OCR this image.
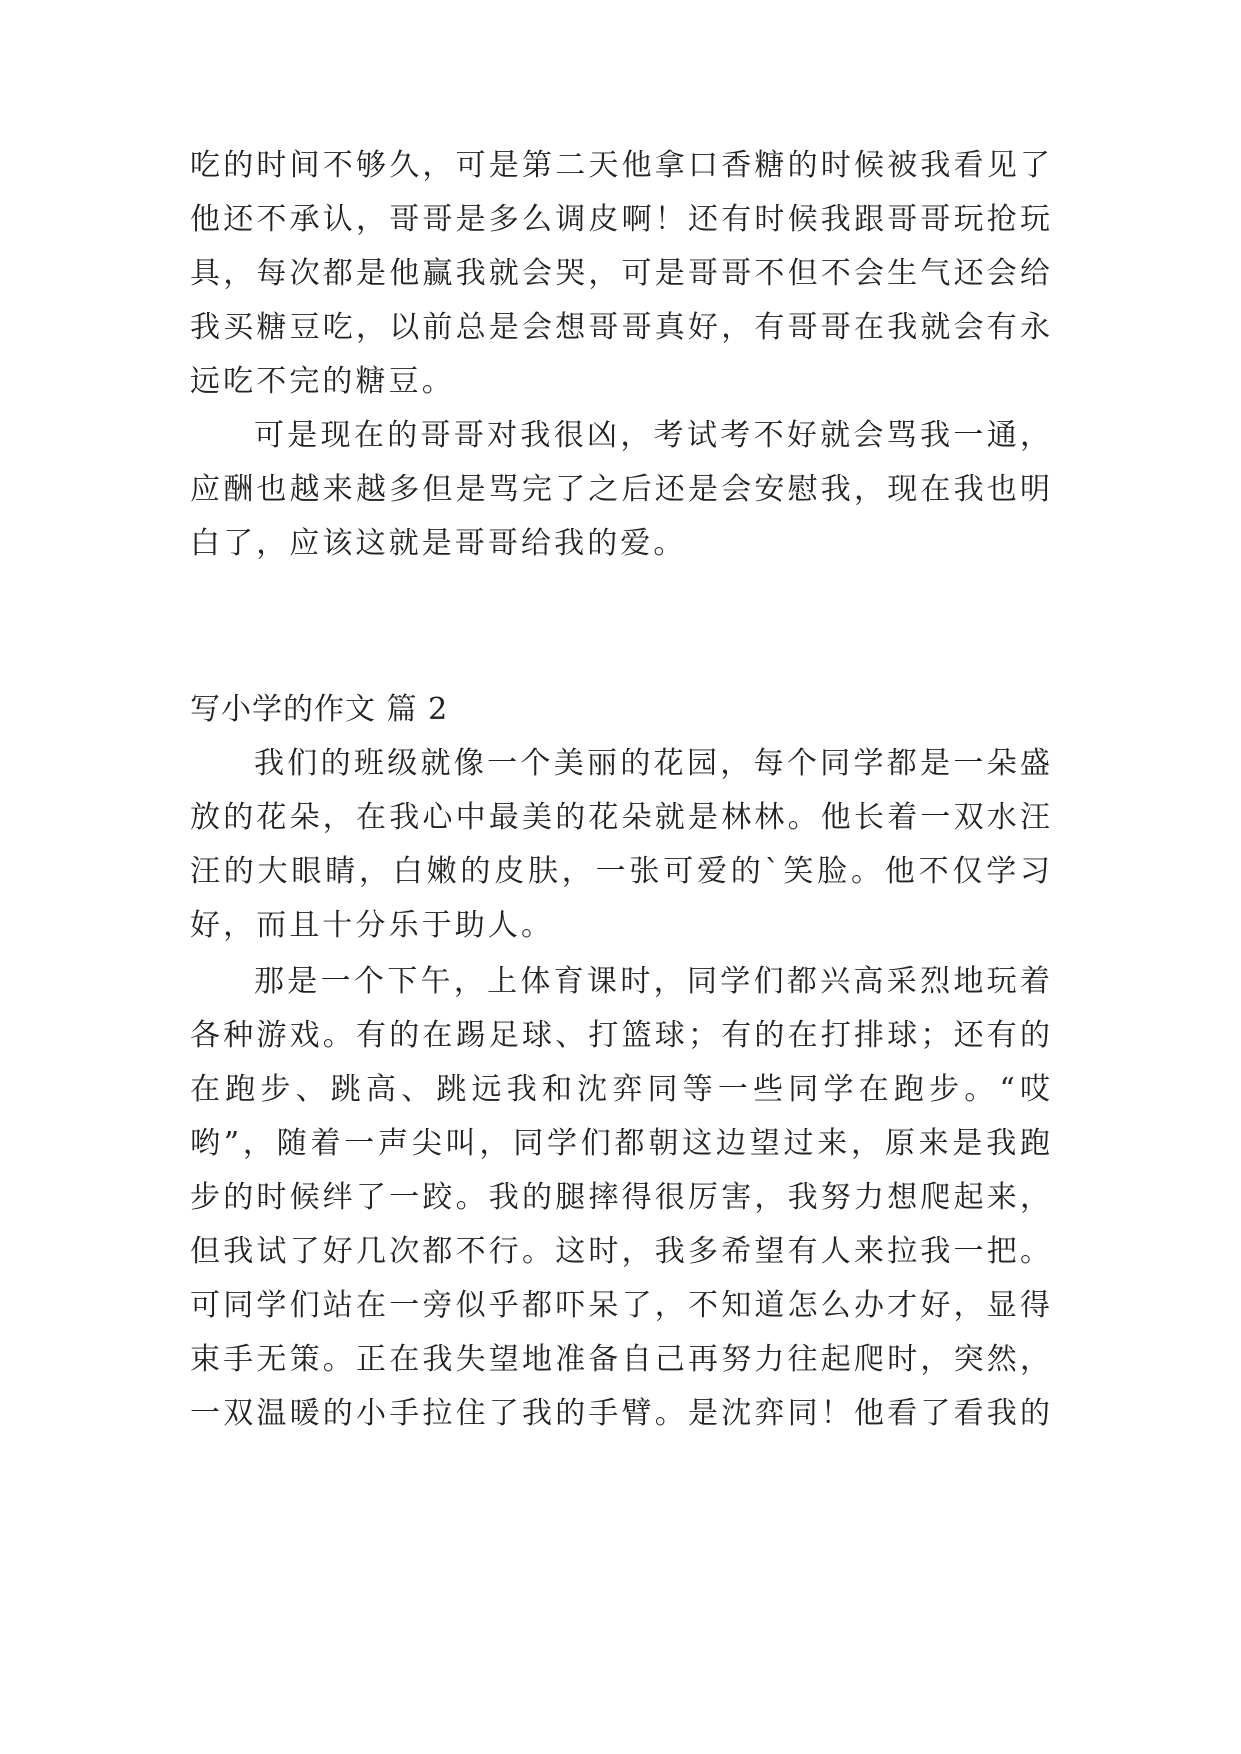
吃的时间不够久，可是第二天他拿口香糖的时候被我看见了
他还不承认，哥哥是多么调皮啊！还有时候我跟哥哥玩抢玩
具，每次都是他赢我就会哭，可是哥哥不但不会生气还会给
我买糖豆吃，以前总是会想哥哥真好，有哥哥在我就会有永
远吃不完的糖豆。
可是现在的哥哥对我很凶，考试考不好就会骂我一通，
应酬也越来越多但是骂完了之后还是会安慰我，现在我也明
白了，应该这就是哥哥给我的爱。
写小学的作文 篇 2
我们的班级就像一个美丽的花园，每个同学都是一朵盛
放的花朵，在我心中最美的花朵就是林林。他长着一双水汪
汪的大眼睛，白嫩的皮肤，一张可爱的`笑脸。他不仅学习
好，而且十分乐于助人。
那是一个下午，上体育课时，同学们都兴高采烈地玩着
各种游戏。有的在踢足球、打篮球；有的在打排球；还有的
在跑步、跳高、跳远我和沈弈同等一些同学在跑步。“哎
哟”，随着一声尖叫，同学们都朝这边望过来，原来是我跑
步的时候绊了一跤。我的腿摔得很厉害，我努力想爬起来，
但我试了好几次都不行。这时，我多希望有人来拉我一把。
可同学们站在一旁似乎都吓呆了，不知道怎么办才好，显得
束手无策。正在我失望地准备自己再努力往起爬时，突然，
一双温暖的小手拉住了我的手臂。是沈弈同！他看了看我的
